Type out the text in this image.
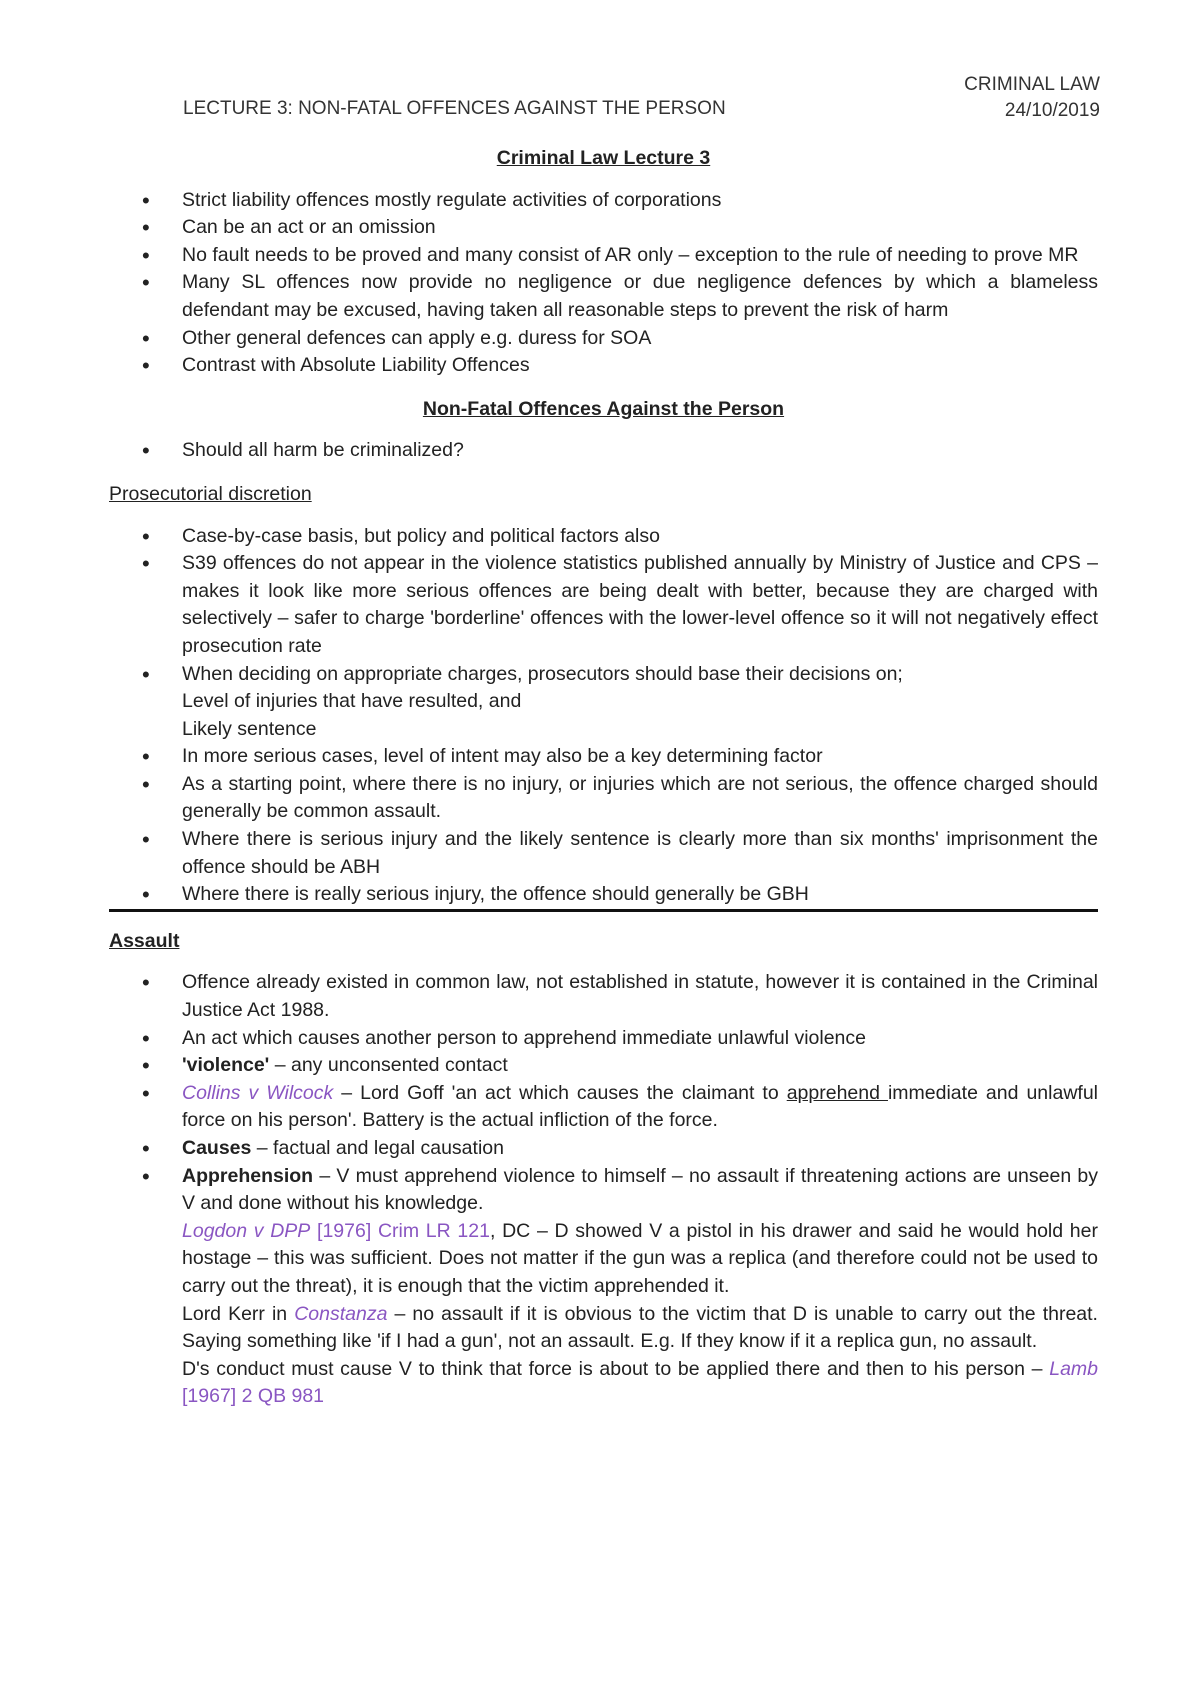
CRIMINAL LAW
24/10/2019
LECTURE 3: NON-FATAL OFFENCES AGAINST THE PERSON

Criminal Law Lecture 3

• Strict liability offences mostly regulate activities of corporations
• Can be an act or an omission
• No fault needs to be proved and many consist of AR only – exception to the rule of needing to prove MR
• Many SL offences now provide no negligence or due negligence defences by which a blameless defendant may be excused, having taken all reasonable steps to prevent the risk of harm
• Other general defences can apply e.g. duress for SOA
• Contrast with Absolute Liability Offences

Non-Fatal Offences Against the Person

• Should all harm be criminalized?

Prosecutorial discretion

• Case-by-case basis, but policy and political factors also
• S39 offences do not appear in the violence statistics published annually by Ministry of Justice and CPS – makes it look like more serious offences are being dealt with better, because they are charged with selectively – safer to charge 'borderline' offences with the lower-level offence so it will not negatively effect prosecution rate
• When deciding on appropriate charges, prosecutors should base their decisions on;
Level of injuries that have resulted, and
Likely sentence
• In more serious cases, level of intent may also be a key determining factor
• As a starting point, where there is no injury, or injuries which are not serious, the offence charged should generally be common assault.
• Where there is serious injury and the likely sentence is clearly more than six months' imprisonment the offence should be ABH
• Where there is really serious injury, the offence should generally be GBH

Assault

• Offence already existed in common law, not established in statute, however it is contained in the Criminal Justice Act 1988.
• An act which causes another person to apprehend immediate unlawful violence
• 'violence' – any unconsented contact
• Collins v Wilcock – Lord Goff 'an act which causes the claimant to apprehend immediate and unlawful force on his person'. Battery is the actual infliction of the force.
• Causes – factual and legal causation
• Apprehension – V must apprehend violence to himself – no assault if threatening actions are unseen by V and done without his knowledge.
Logdon v DPP [1976] Crim LR 121, DC – D showed V a pistol in his drawer and said he would hold her hostage – this was sufficient. Does not matter if the gun was a replica (and therefore could not be used to carry out the threat), it is enough that the victim apprehended it.
Lord Kerr in Constanza – no assault if it is obvious to the victim that D is unable to carry out the threat. Saying something like 'if I had a gun', not an assault. E.g. If they know if it a replica gun, no assault.
D's conduct must cause V to think that force is about to be applied there and then to his person – Lamb [1967] 2 QB 981
